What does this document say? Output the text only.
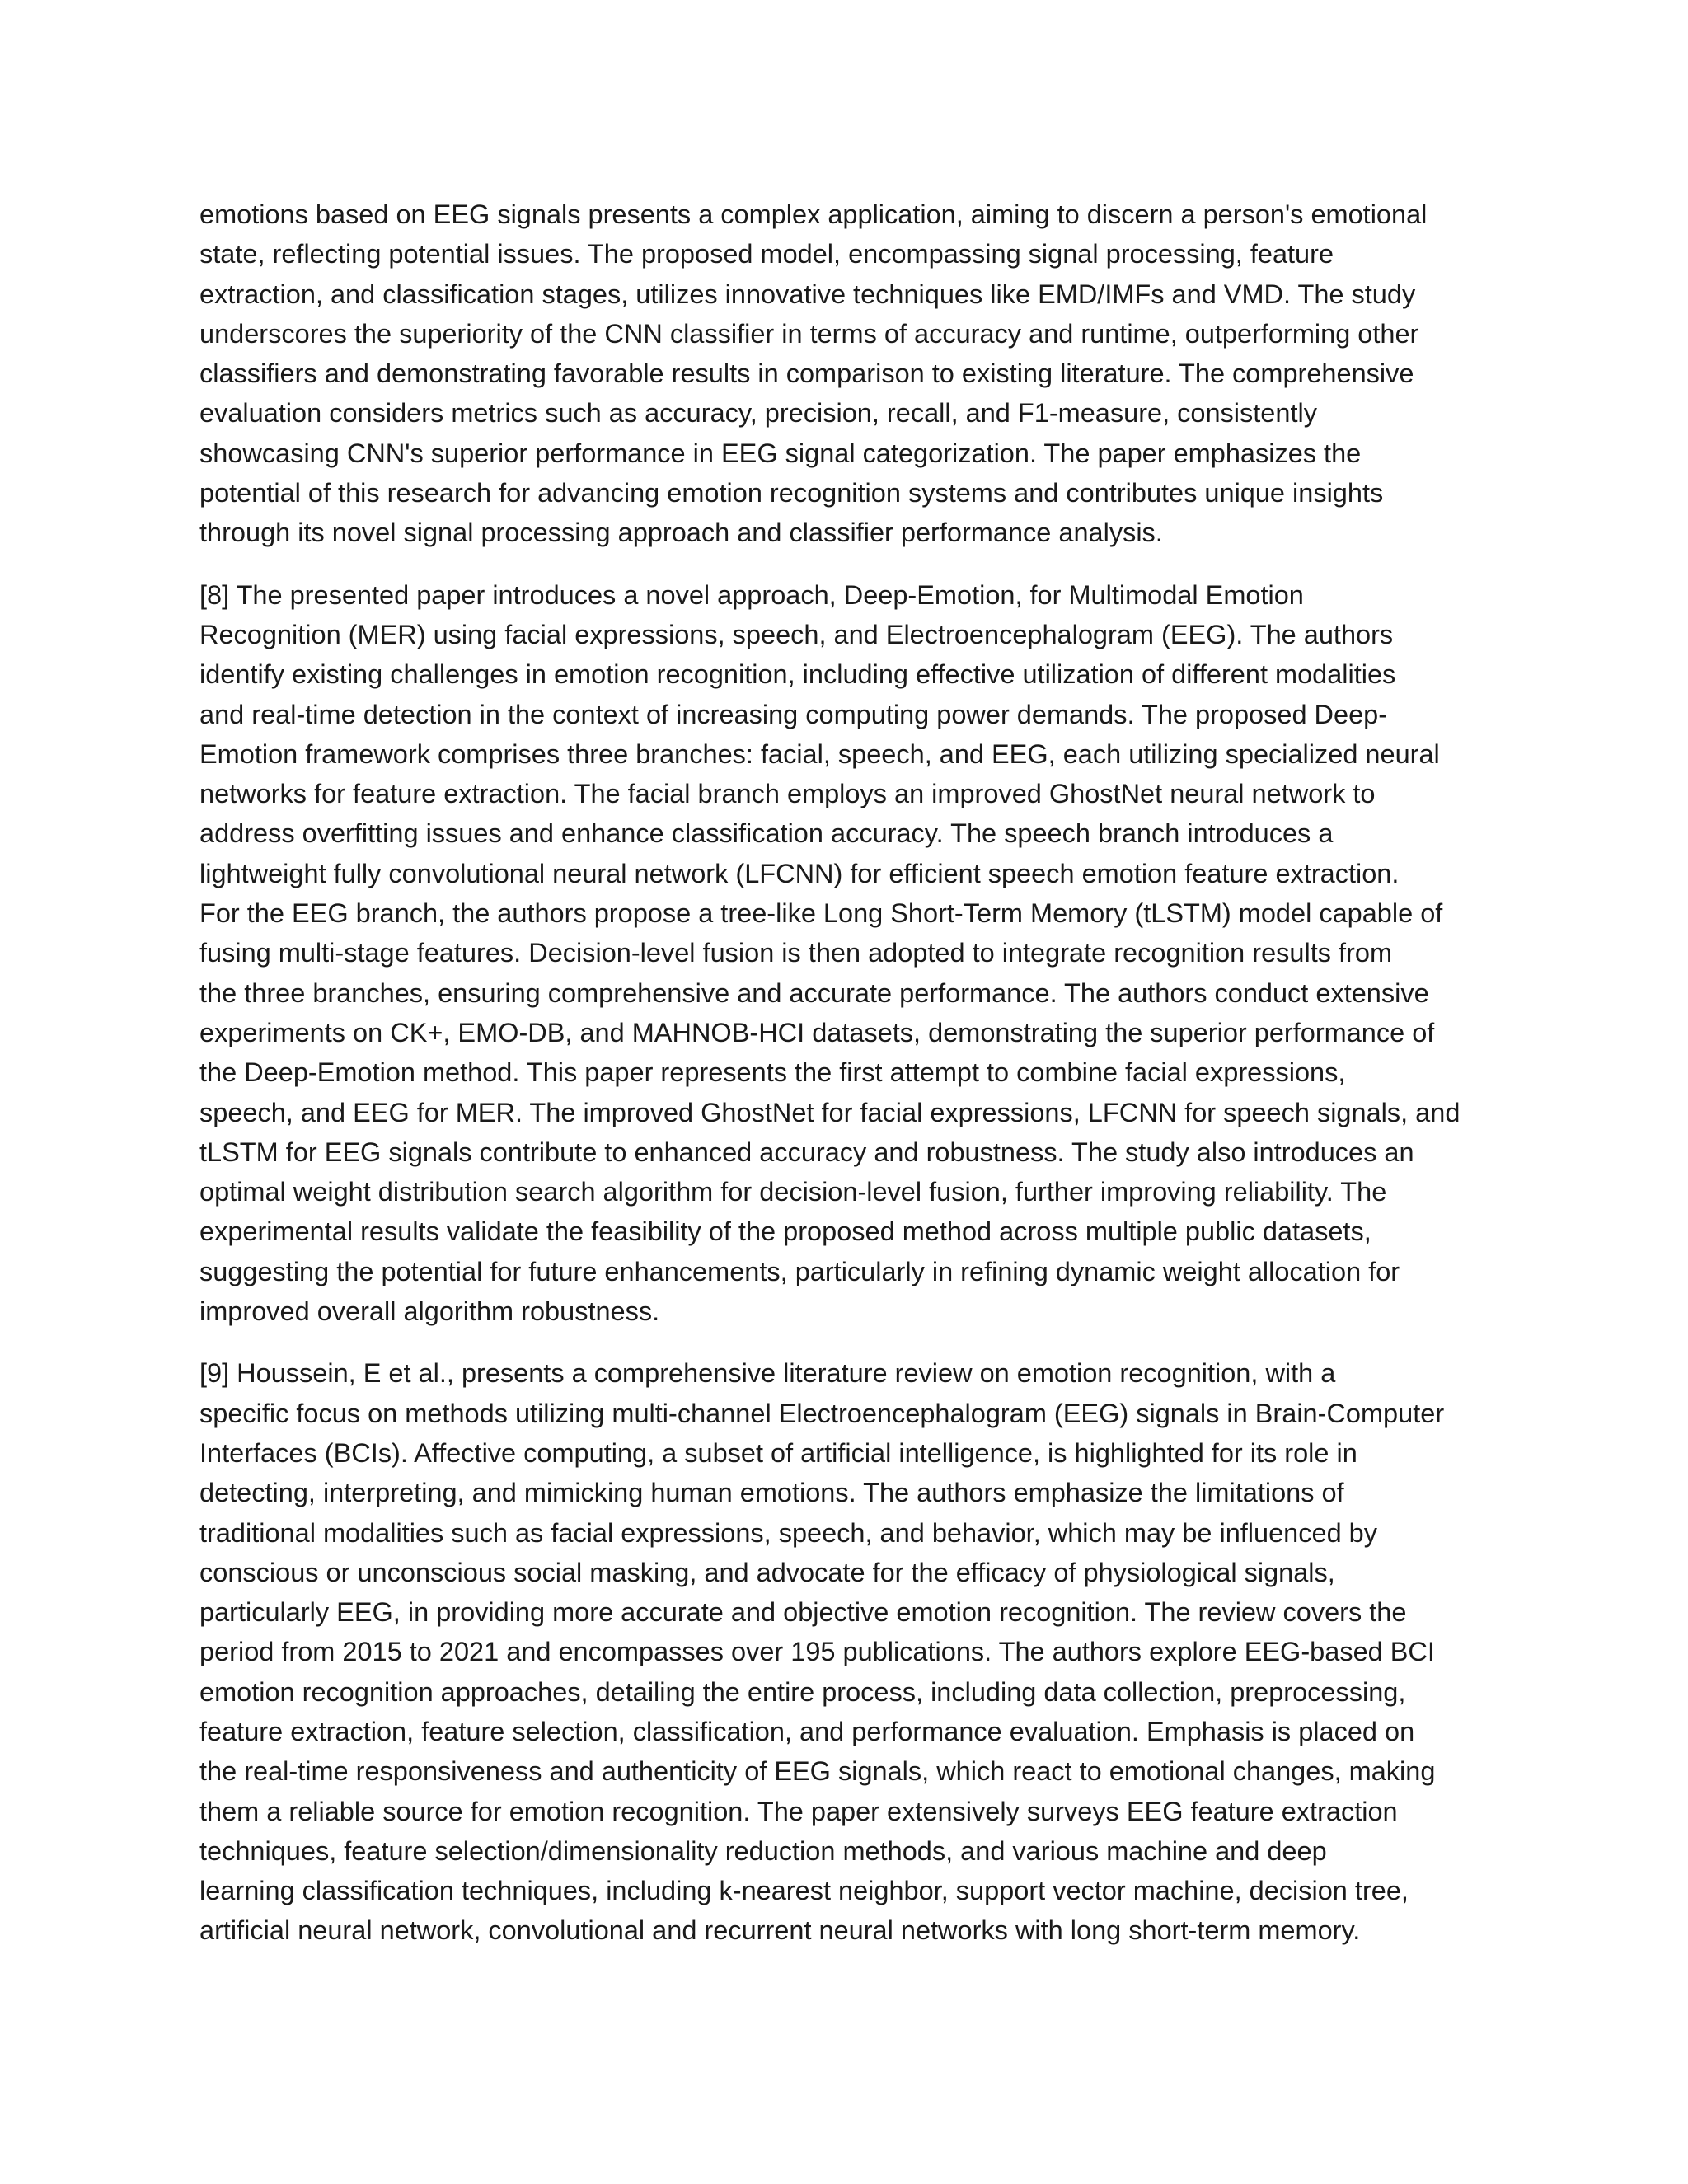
emotions based on EEG signals presents a complex application, aiming to discern a person's emotional
state, reflecting potential issues. The proposed model, encompassing signal processing, feature
extraction, and classification stages, utilizes innovative techniques like EMD/IMFs and VMD. The study
underscores the superiority of the CNN classifier in terms of accuracy and runtime, outperforming other
classifiers and demonstrating favorable results in comparison to existing literature. The comprehensive
evaluation considers metrics such as accuracy, precision, recall, and F1-measure, consistently
showcasing CNN's superior performance in EEG signal categorization. The paper emphasizes the
potential of this research for advancing emotion recognition systems and contributes unique insights
through its novel signal processing approach and classifier performance analysis.

[8] The presented paper introduces a novel approach, Deep-Emotion, for Multimodal Emotion
Recognition (MER) using facial expressions, speech, and Electroencephalogram (EEG). The authors
identify existing challenges in emotion recognition, including effective utilization of different modalities
and real-time detection in the context of increasing computing power demands. The proposed Deep-
Emotion framework comprises three branches: facial, speech, and EEG, each utilizing specialized neural
networks for feature extraction. The facial branch employs an improved GhostNet neural network to
address overfitting issues and enhance classification accuracy. The speech branch introduces a
lightweight fully convolutional neural network (LFCNN) for efficient speech emotion feature extraction.
For the EEG branch, the authors propose a tree-like Long Short-Term Memory (tLSTM) model capable of
fusing multi-stage features. Decision-level fusion is then adopted to integrate recognition results from
the three branches, ensuring comprehensive and accurate performance. The authors conduct extensive
experiments on CK+, EMO-DB, and MAHNOB-HCI datasets, demonstrating the superior performance of
the Deep-Emotion method. This paper represents the first attempt to combine facial expressions,
speech, and EEG for MER. The improved GhostNet for facial expressions, LFCNN for speech signals, and
tLSTM for EEG signals contribute to enhanced accuracy and robustness. The study also introduces an
optimal weight distribution search algorithm for decision-level fusion, further improving reliability. The
experimental results validate the feasibility of the proposed method across multiple public datasets,
suggesting the potential for future enhancements, particularly in refining dynamic weight allocation for
improved overall algorithm robustness.

[9] Houssein, E et al., presents a comprehensive literature review on emotion recognition, with a
specific focus on methods utilizing multi-channel Electroencephalogram (EEG) signals in Brain-Computer
Interfaces (BCIs). Affective computing, a subset of artificial intelligence, is highlighted for its role in
detecting, interpreting, and mimicking human emotions. The authors emphasize the limitations of
traditional modalities such as facial expressions, speech, and behavior, which may be influenced by
conscious or unconscious social masking, and advocate for the efficacy of physiological signals,
particularly EEG, in providing more accurate and objective emotion recognition. The review covers the
period from 2015 to 2021 and encompasses over 195 publications. The authors explore EEG-based BCI
emotion recognition approaches, detailing the entire process, including data collection, preprocessing,
feature extraction, feature selection, classification, and performance evaluation. Emphasis is placed on
the real-time responsiveness and authenticity of EEG signals, which react to emotional changes, making
them a reliable source for emotion recognition. The paper extensively surveys EEG feature extraction
techniques, feature selection/dimensionality reduction methods, and various machine and deep
learning classification techniques, including k-nearest neighbor, support vector machine, decision tree,
artificial neural network, convolutional and recurrent neural networks with long short-term memory.
